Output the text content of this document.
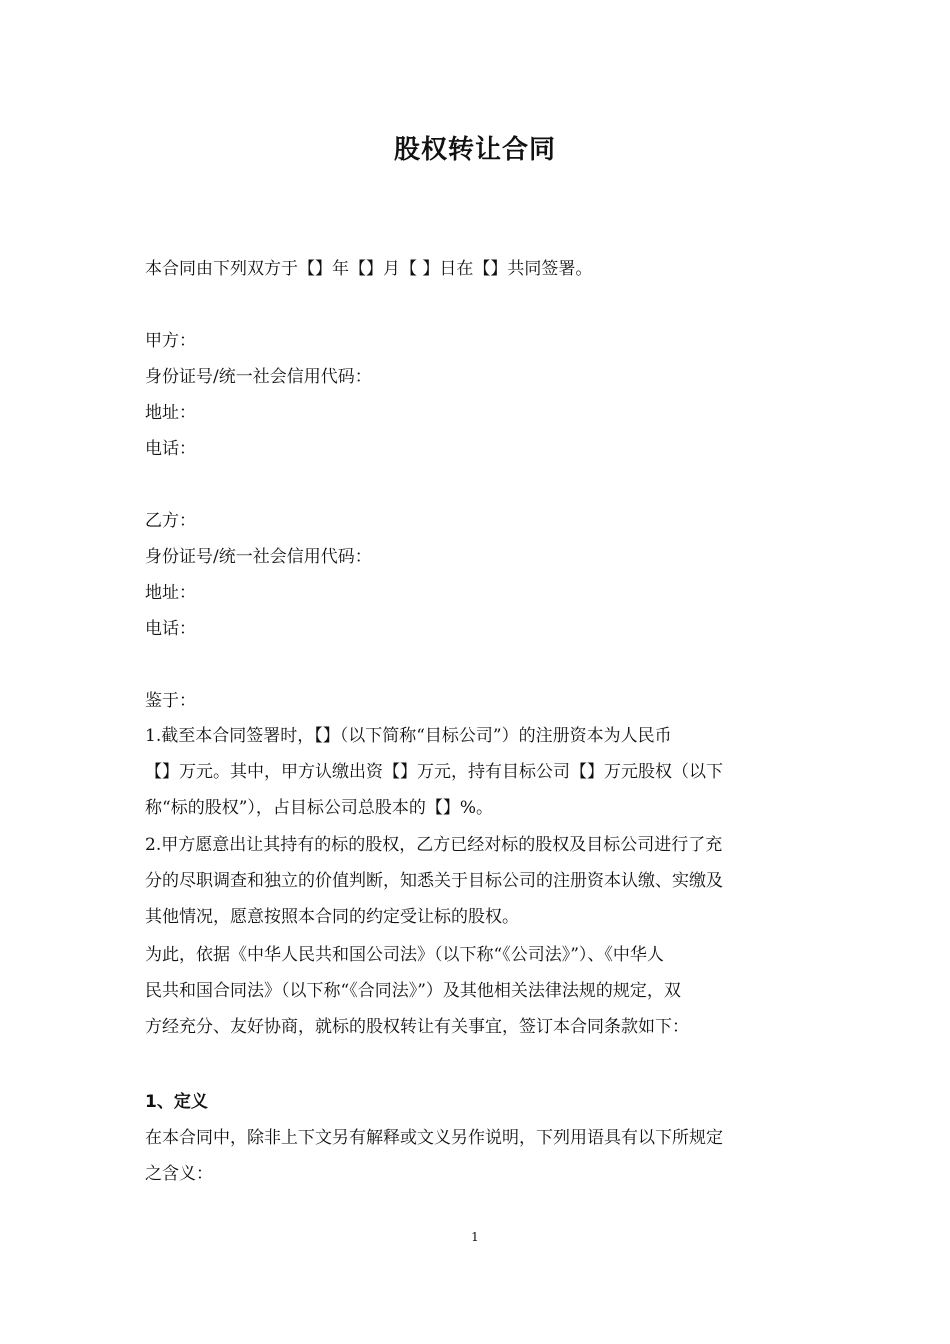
股权转让合同
本合同由下列双方于【】年【】月【 】日在【】共同签署。
甲方：
身份证号/统一社会信用代码：
地址：
电话：
乙方：
身份证号/统一社会信用代码：
地址：
电话：
鉴于：
1.截至本合同签署时，【】（以下简称“目标公司”）的注册资本为人民币
【】万元。其中，甲方认缴出资【】万元，持有目标公司【】万元股权（以下
称“标的股权”），占目标公司总股本的【】%。
2.甲方愿意出让其持有的标的股权，乙方已经对标的股权及目标公司进行了充
分的尽职调查和独立的价值判断，知悉关于目标公司的注册资本认缴、实缴及
其他情况，愿意按照本合同的约定受让标的股权。
为此，依据《中华人民共和国公司法》（以下称“《公司法》”）、《中华人
民共和国合同法》（以下称“《合同法》”）及其他相关法律法规的规定，双
方经充分、友好协商，就标的股权转让有关事宜，签订本合同条款如下：
1、定义
在本合同中，除非上下文另有解释或文义另作说明，下列用语具有以下所规定
之含义：
1
